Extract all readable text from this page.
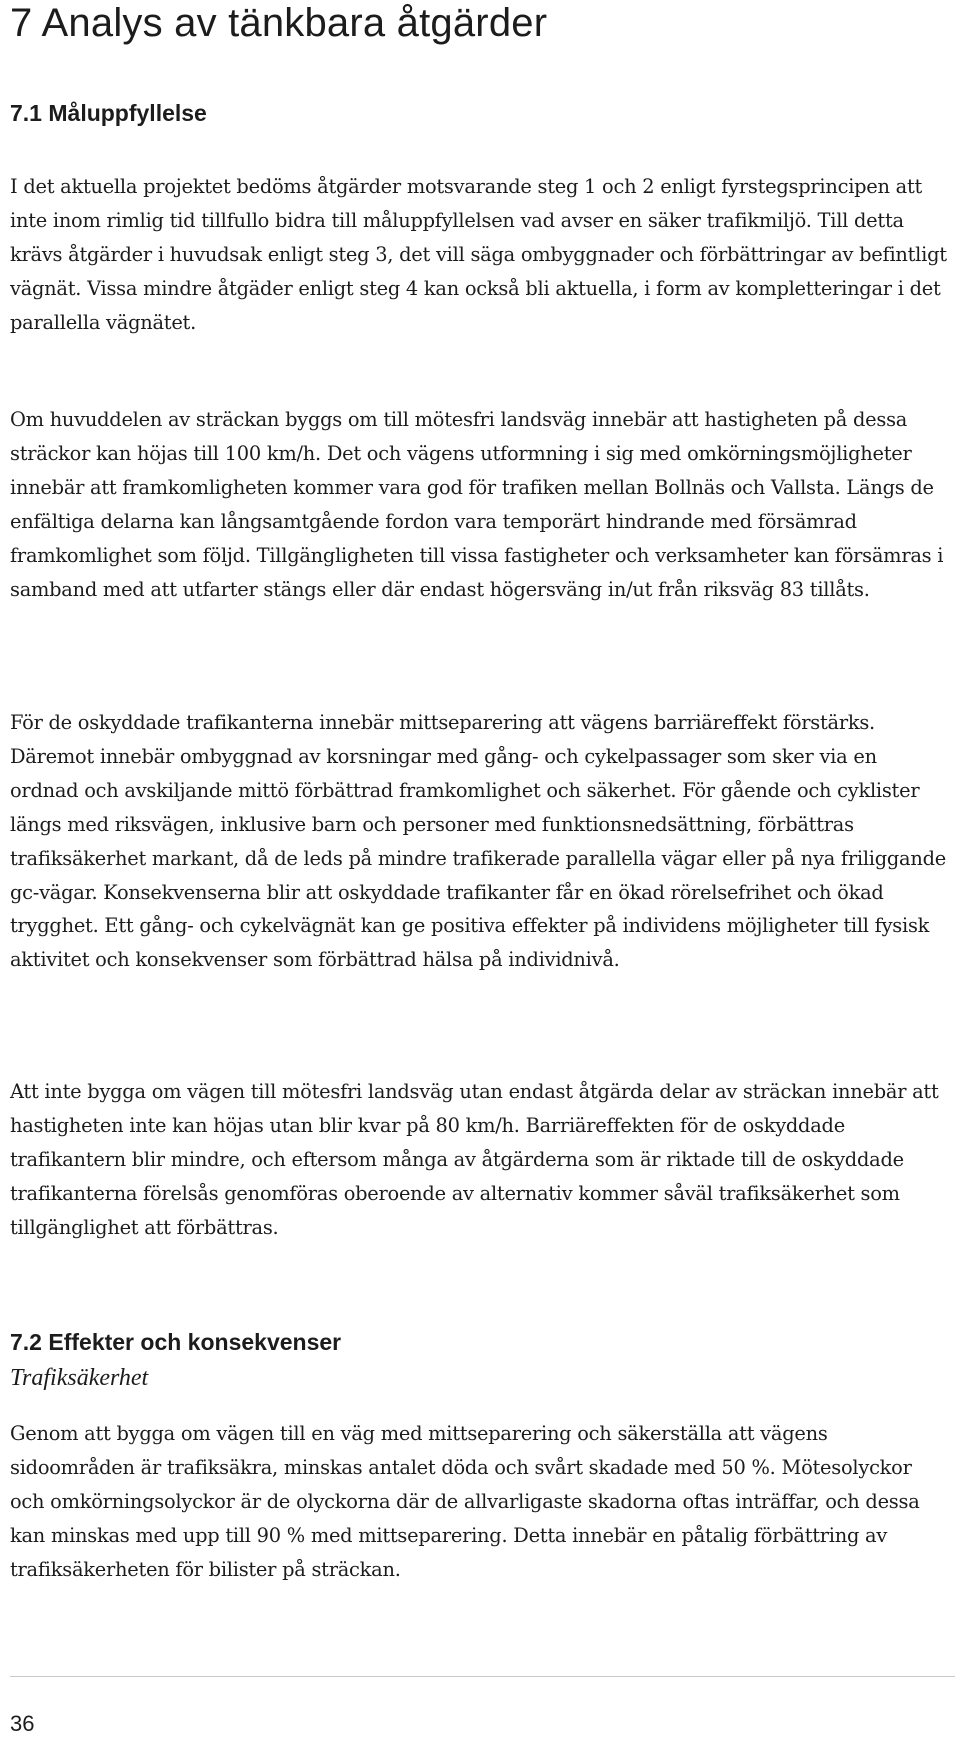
7 Analys av tänkbara åtgärder
7.1 Måluppfyllelse

I det aktuella projektet bedöms åtgärder motsvarande steg 1 och 2 enligt fyrstegsprincipen att inte inom rimlig tid tillfullo bidra till måluppfyllelsen vad avser en säker trafikmiljö. Till detta krävs åtgärder i huvudsak enligt steg 3, det vill säga ombyggnader och förbättringar av befintligt vägnät. Vissa mindre åtgäder enligt steg 4 kan också bli aktuella, i form av kompletteringar i det parallella vägnätet.

Om huvuddelen av sträckan byggs om till mötesfri landsväg innebär att hastigheten på dessa sträckor kan höjas till 100 km/h. Det och vägens utformning i sig med omkörningsmöjligheter innebär att framkomligheten kommer vara god för trafiken mellan Bollnäs och Vallsta. Längs de enfältiga delarna kan långsamtgående fordon vara temporärt hindrande med försämrad framkomlighet som följd. Tillgängligheten till vissa fastigheter och verksamheter kan försämras i samband med att utfarter stängs eller där endast högersväng in/ut från riksväg 83 tillåts.

För de oskyddade trafikanterna innebär mittseparering att vägens barriäreffekt förstärks. Däremot innebär ombyggnad av korsningar med gång- och cykelpassager som sker via en ordnad och avskiljande mittö förbättrad framkomlighet och säkerhet. För gående och cyklister längs med riksvägen, inklusive barn och personer med funktionsnedsättning, förbättras trafiksäkerhet markant, då de leds på mindre trafikerade parallella vägar eller på nya friliggande gc-vägar. Konsekvenserna blir att oskyddade trafikanter får en ökad rörelsefrihet och ökad trygghet. Ett gång- och cykelvägnät kan ge positiva effekter på individens möjligheter till fysisk aktivitet och konsekvenser som förbättrad hälsa på individnivå.

Att inte bygga om vägen till mötesfri landsväg utan endast åtgärda delar av sträckan innebär att hastigheten inte kan höjas utan blir kvar på 80 km/h. Barriäreffekten för de oskyddade trafikantern blir mindre, och eftersom många av åtgärderna som är riktade till de oskyddade trafikanterna förelsås genomföras oberoende av alternativ kommer såväl trafiksäkerhet som tillgänglighet att förbättras.

7.2 Effekter och konsekvenser
Trafiksäkerhet

Genom att bygga om vägen till en väg med mittseparering och säkerställa att vägens sidoområden är trafiksäkra, minskas antalet döda och svårt skadade med 50 %. Mötesolyckor och omkörningsolyckor är de olyckorna där de allvarligaste skadorna oftas inträffar, och dessa kan minskas med upp till 90 % med mittseparering. Detta innebär en påtalig förbättring av trafiksäkerheten för bilister på sträckan.

36
